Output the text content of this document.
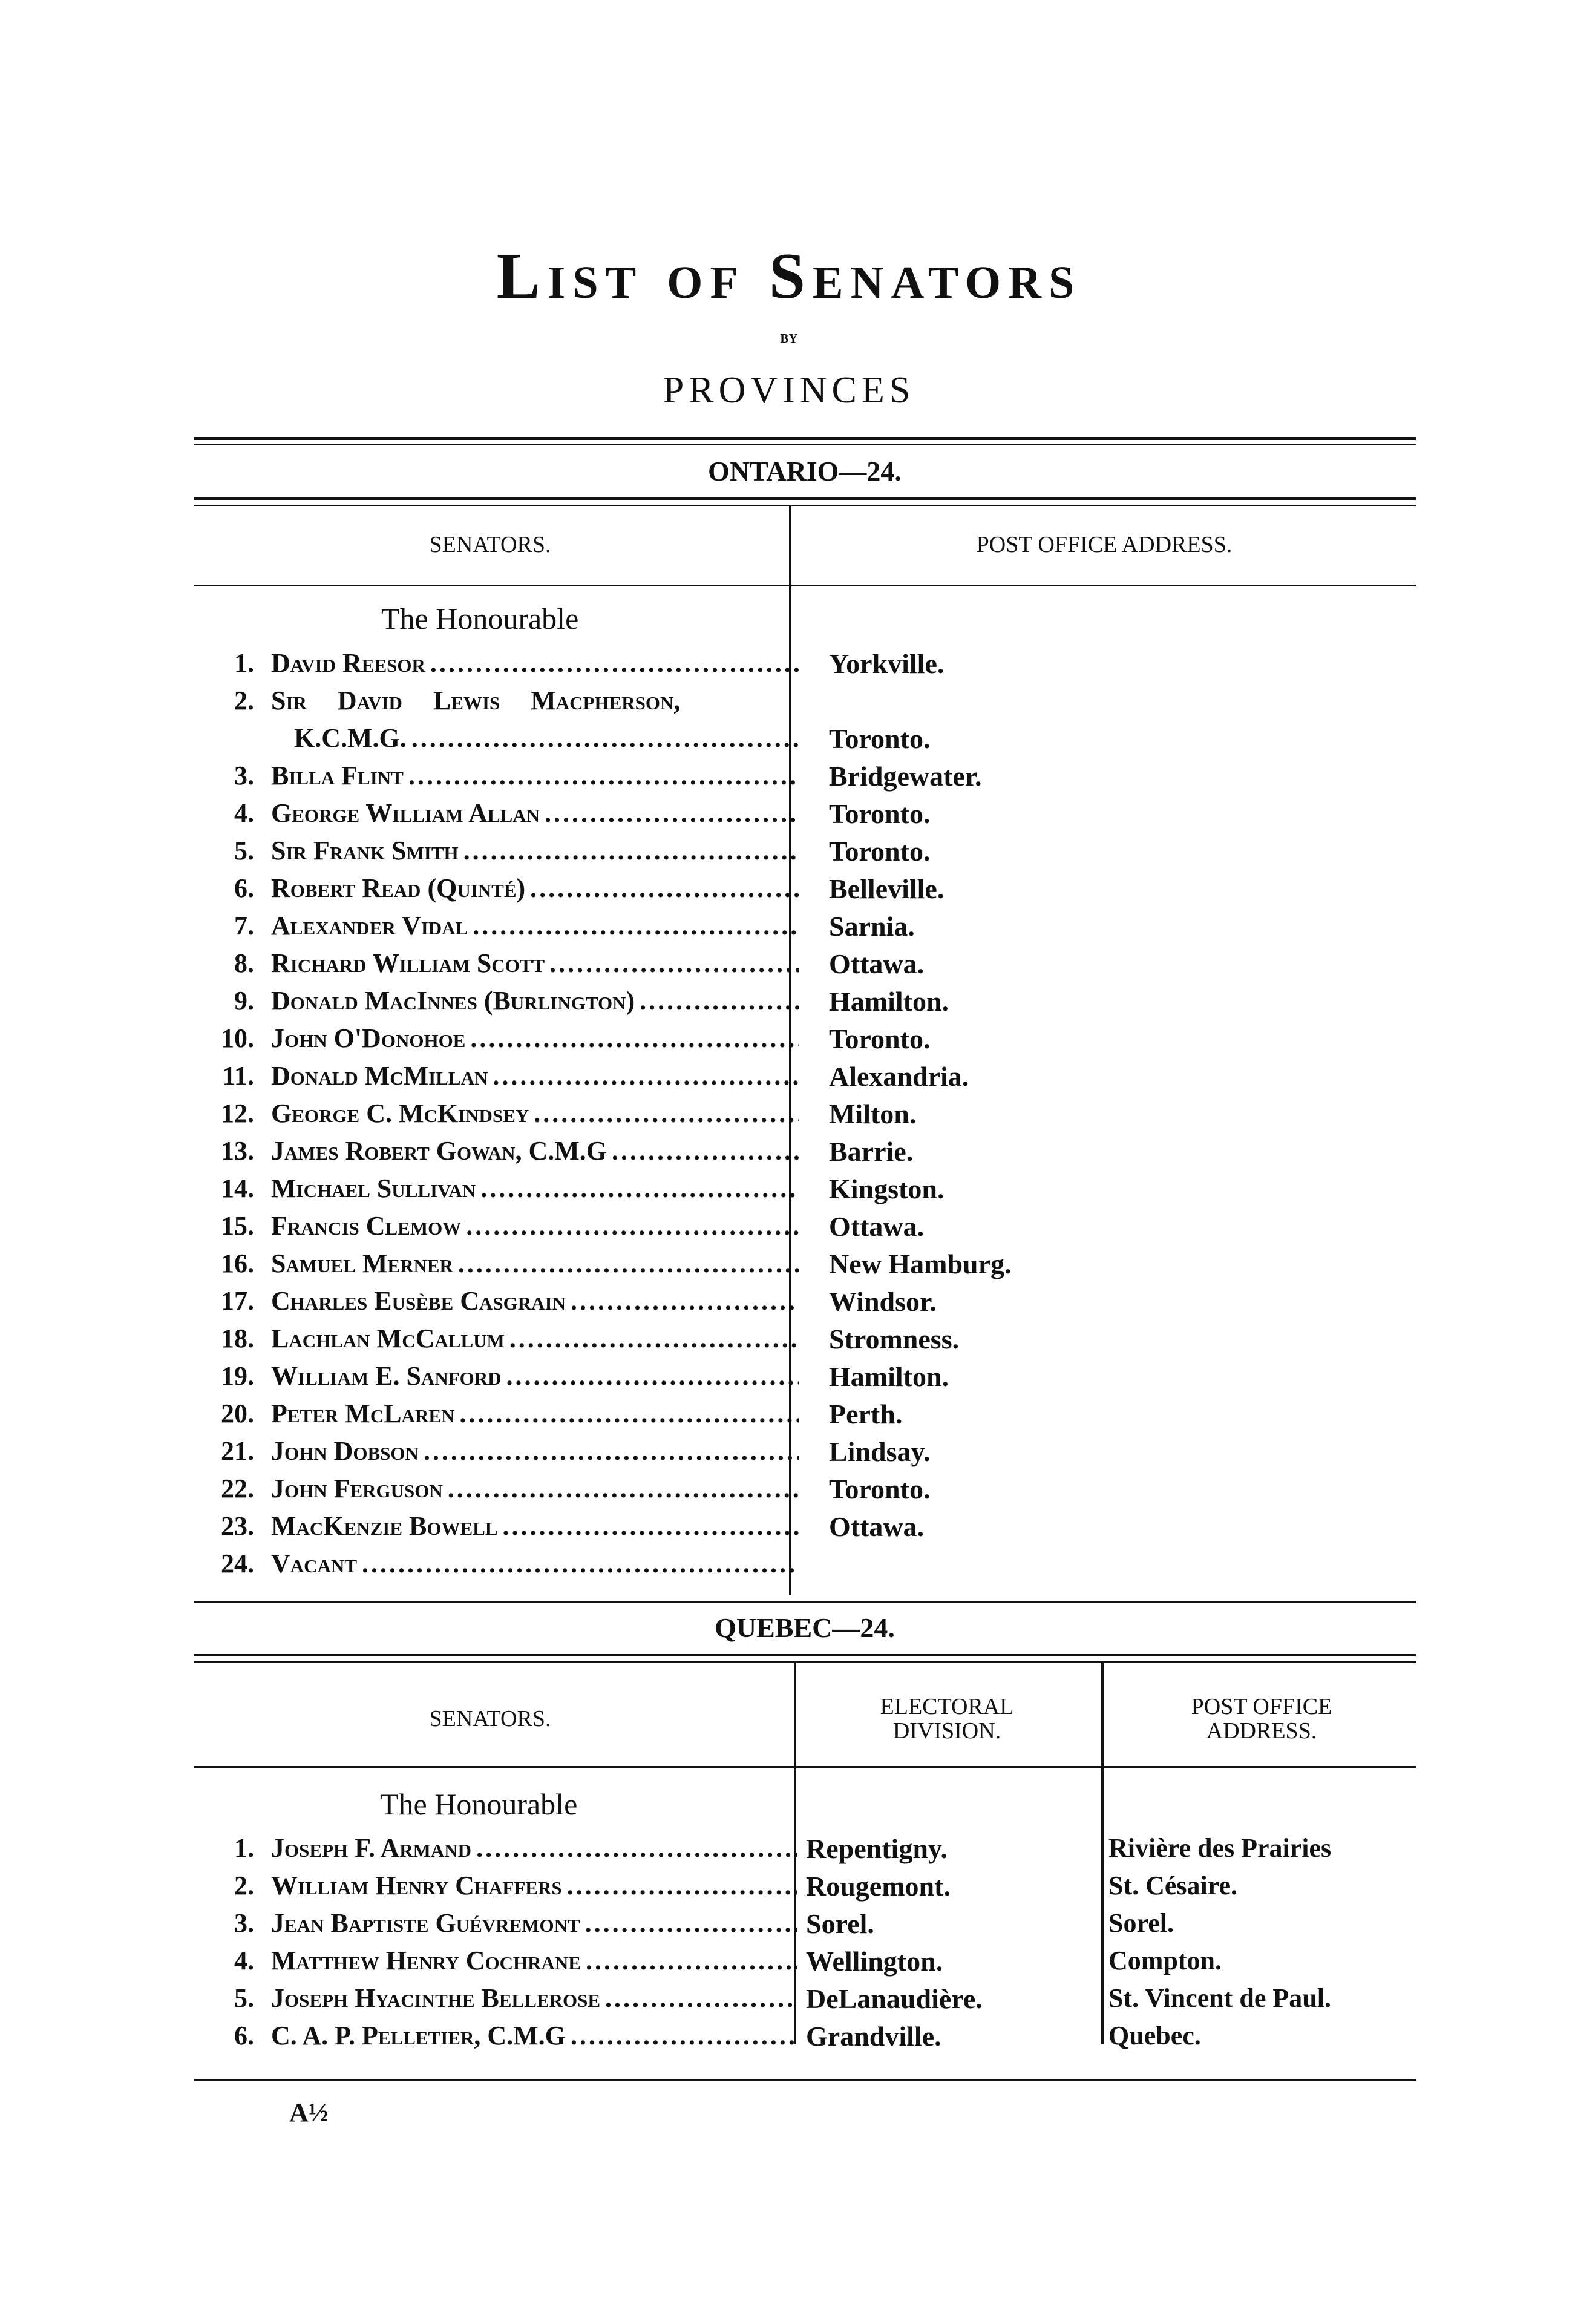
List of Senators
by
PROVINCES
ONTARIO—24.
SENATORS.	POST OFFICE ADDRESS.
The Honourable
1. David Reesor .....	Yorkville.
2. Sir David Lewis Macpherson,
K.C.M.G. .....	Toronto.
3. Billa Flint .....	Bridgewater.
4. George William Allan .....	Toronto.
5. Sir Frank Smith .....	Toronto.
6. Robert Read (Quinté) .....	Belleville.
7. Alexander Vidal .....	Sarnia.
8. Richard William Scott .....	Ottawa.
9. Donald MacInnes (Burlington) .....	Hamilton.
10. John O'Donohoe .....	Toronto.
11. Donald McMillan .....	Alexandria.
12. George C. McKindsey .....	Milton.
13. James Robert Gowan, C.M.G .....	Barrie.
14. Michael Sullivan .....	Kingston.
15. Francis Clemow .....	Ottawa.
16. Samuel Merner .....	New Hamburg.
17. Charles Eusèbe Casgrain .....	Windsor.
18. Lachlan McCallum .....	Stromness.
19. William E. Sanford .....	Hamilton.
20. Peter McLaren .....	Perth.
21. John Dobson .....	Lindsay.
22. John Ferguson .....	Toronto.
23. MacKenzie Bowell .....	Ottawa.
24. Vacant
.....
QUEBEC—24.
SENATORS.	ELECTORAL
DIVISION.
POST OFFICE
ADDRESS.
The Honourable
1. Joseph F. Armand .....	Repentigny.	Rivière des Prairies
2. William Henry Chaffers .....	Rougemont.	St. Césaire.
3. Jean Baptiste Guévremont .....	Sorel.	Sorel.
4. Matthew Henry Cochrane .....	Wellington.	Compton.
5. Joseph Hyacinthe Bellerose .....	DeLanaudière.	St. Vincent de Paul.
6. C. A. P. Pelletier, C.M.G .....	Grandville.	Quebec.
A½
